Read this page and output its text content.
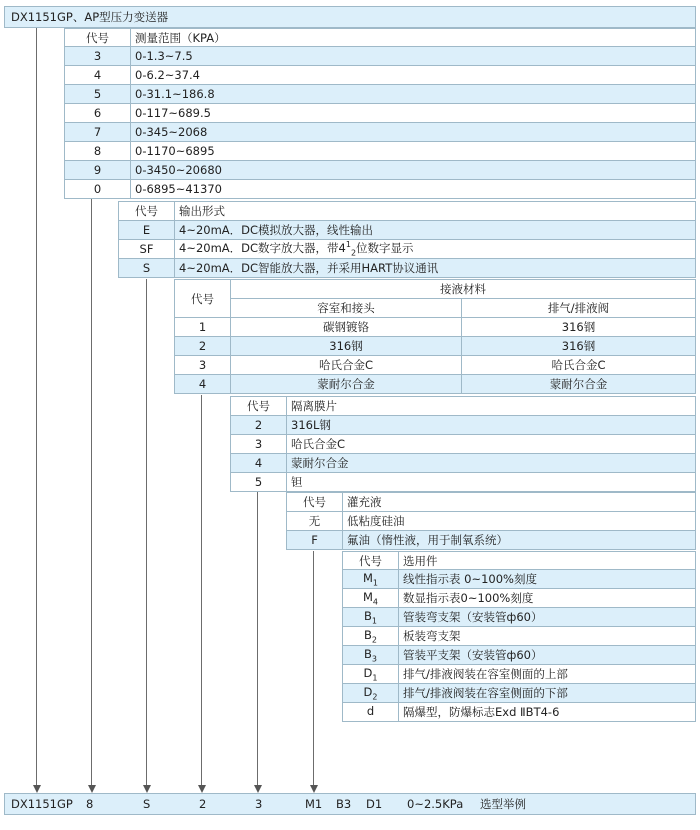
DX1151GP、AP型压力变送器
代号	测量范围（KPA）
3	0-1.3~7.5
4	0-6.2~37.4
5	0-31.1~186.8
6	0-117~689.5
7	0-345~2068
8	0-1170~6895
9	0-3450~20680
0	0-6895~41370
代号	输出形式
E	4~20mA．DC模拟放大器，线性输出
SF	4~20mA．DC数字放大器，带$4^1_2$位数字显示
S	4~20mA．DC智能放大器，并采用HART协议通讯
代号	接液材料	
	容室和接头	排气/排液阀
1	碳钢镀铬	316钢
2	316钢	316钢
3	哈氏合金C	哈氏合金C
4	蒙耐尔合金	蒙耐尔合金
代号	隔离膜片
2	316L钢
3	哈氏合金C
4	蒙耐尔合金
5	钽
代号	灌充液
无	低粘度硅油
F	氟油（惰性液，用于制氧系统）
代号	选用件
$M_1$	线性指示表 0~100%刻度
$M_4$	数显指示表0~100%刻度
$B_1$	管装弯支架（安装管ф60）
$B_2$	板装弯支架
$B_3$	管装平支架（安装管ф60）
$D_1$	排气/排液阀装在容室侧面的上部
$D_2$	排气/排液阀装在容室侧面的下部
d	隔爆型，防爆标志Exd ⅡBT4-6
DX1151GP 8	S	2	3	M1 B3 D1 0~2.5KPa 选型举例
